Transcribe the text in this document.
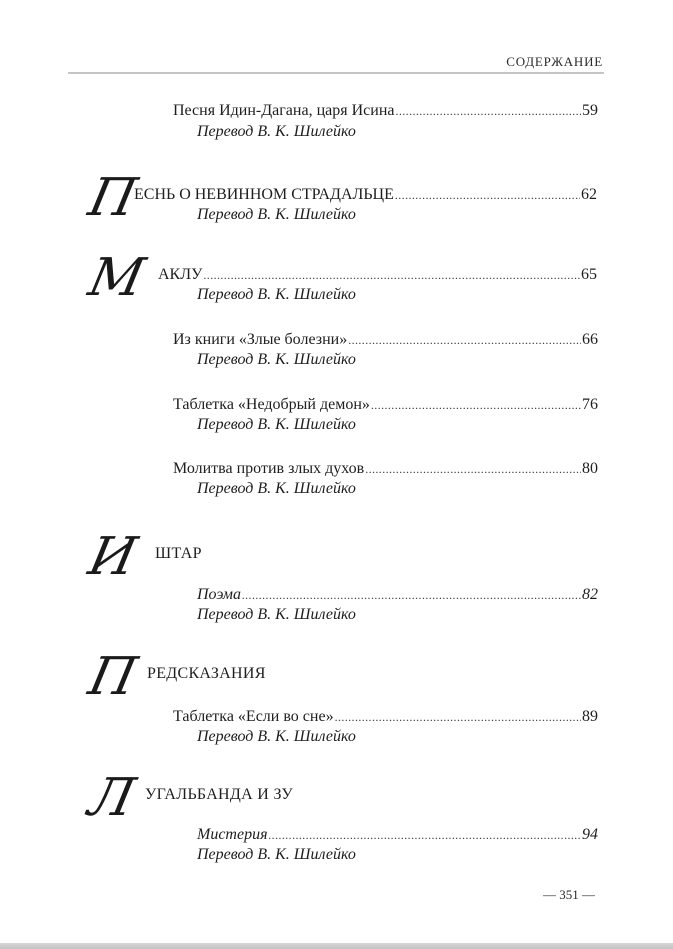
СОДЕРЖАНИЕ
Песня Идин-Дагана, царя Исина .....	59
Перевод В. К. Шилейко
П
ЕСНЬ О НЕВИННОМ СТРАДАЛЬЦЕ .....	62
Перевод В. К. Шилейко
М АКЛУ .....	65
Перевод В. К. Шилейко
Из книги «Злые болезни» .....	66
Перевод В. К. Шилейко
Таблетка «Недобрый демон» .....	76
Перевод В. К. Шилейко
Молитва против злых духов .....	80
Перевод В. К. Шилейко
И ШТАР
Поэма .....	82
Перевод В. К. Шилейко
П РЕДСКАЗАНИЯ
Таблетка «Если во сне» .....	89
Перевод В. К. Шилейко
Л УГАЛЬБАНДА И ЗУ
Мистерия .....	94
Перевод В. К. Шилейко
— 351 —
